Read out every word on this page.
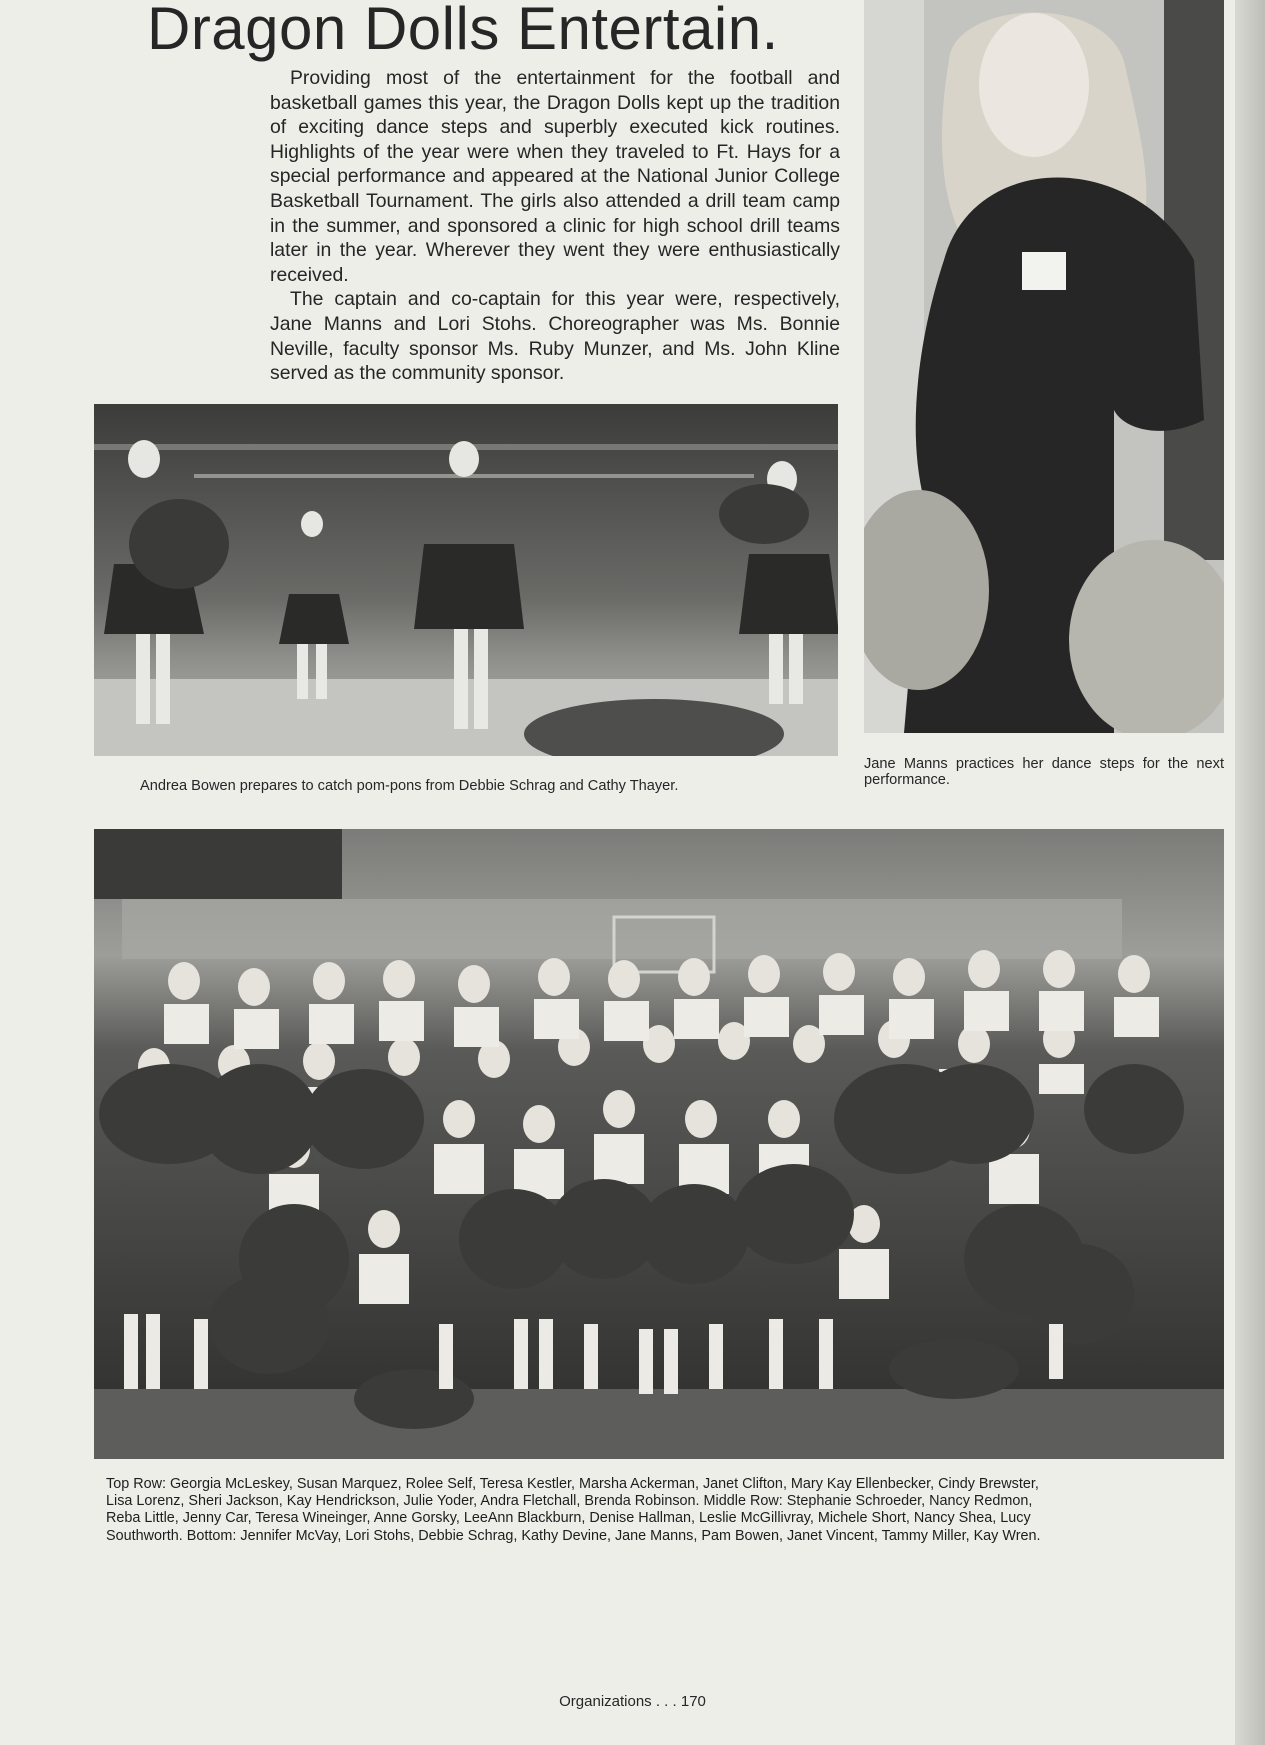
Dragon Dolls Entertain.

Providing most of the entertainment for the football and basketball games this year, the Dragon Dolls kept up the tradition of exciting dance steps and superbly executed kick routines. Highlights of the year were when they traveled to Ft. Hays for a special performance and appeared at the National Junior College Basketball Tournament. The girls also attended a drill team camp in the summer, and sponsored a clinic for high school drill teams later in the year. Wherever they went they were enthusiastically received.

The captain and co-captain for this year were, respectively, Jane Manns and Lori Stohs. Choreographer was Ms. Bonnie Neville, faculty sponsor Ms. Ruby Munzer, and Ms. John Kline served as the community sponsor.

Andrea Bowen prepares to catch pom-pons from Debbie Schrag and Cathy Thayer.
Jane Manns practices her dance steps for the next performance.
Top Row: Georgia McLeskey, Susan Marquez, Rolee Self, Teresa Kestler, Marsha Ackerman, Janet Clifton, Mary Kay Ellenbecker, Cindy Brewster,
Lisa Lorenz, Sheri Jackson, Kay Hendrickson, Julie Yoder, Andra Fletchall, Brenda Robinson. Middle Row: Stephanie Schroeder, Nancy Redmon,
Reba Little, Jenny Car, Teresa Wineinger, Anne Gorsky, LeeAnn Blackburn, Denise Hallman, Leslie McGillivray, Michele Short, Nancy Shea, Lucy
Southworth. Bottom: Jennifer McVay, Lori Stohs, Debbie Schrag, Kathy Devine, Jane Manns, Pam Bowen, Janet Vincent, Tammy Miller, Kay Wren.
Organizations . . . 170
